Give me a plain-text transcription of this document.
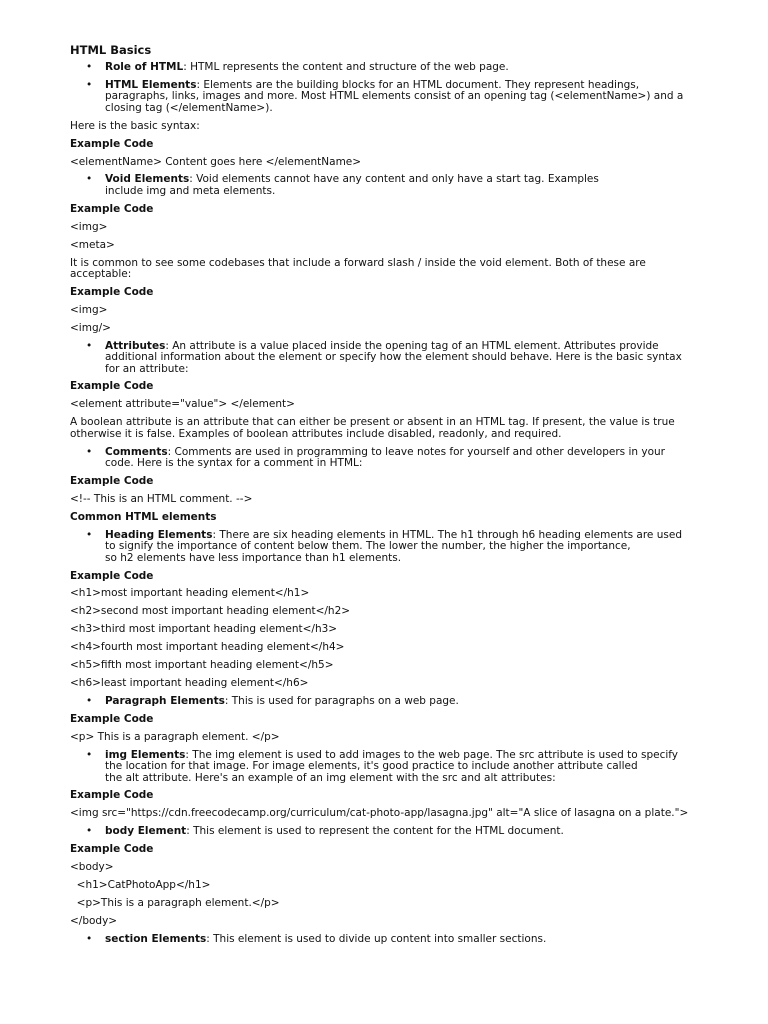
HTML Basics
• Role of HTML: HTML represents the content and structure of the web page.
• HTML Elements: Elements are the building blocks for an HTML document. They represent headings,
paragraphs, links, images and more. Most HTML elements consist of an opening tag (<elementName>) and a
closing tag (</elementName>).
Here is the basic syntax:
Example Code
<elementName> Content goes here </elementName>
• Void Elements: Void elements cannot have any content and only have a start tag. Examples
include img and meta elements.
Example Code
<img>
<meta>
It is common to see some codebases that include a forward slash / inside the void element. Both of these are
acceptable:
Example Code
<img>
<img/>
• Attributes: An attribute is a value placed inside the opening tag of an HTML element. Attributes provide
additional information about the element or specify how the element should behave. Here is the basic syntax
for an attribute:
Example Code
<element attribute="value"> </element>
A boolean attribute is an attribute that can either be present or absent in an HTML tag. If present, the value is true
otherwise it is false. Examples of boolean attributes include disabled, readonly, and required.
• Comments: Comments are used in programming to leave notes for yourself and other developers in your
code. Here is the syntax for a comment in HTML:
Example Code
<!-- This is an HTML comment. -->
Common HTML elements
• Heading Elements: There are six heading elements in HTML. The h1 through h6 heading elements are used
to signify the importance of content below them. The lower the number, the higher the importance,
so h2 elements have less importance than h1 elements.
Example Code
<h1>most important heading element</h1>
<h2>second most important heading element</h2>
<h3>third most important heading element</h3>
<h4>fourth most important heading element</h4>
<h5>fifth most important heading element</h5>
<h6>least important heading element</h6>
• Paragraph Elements: This is used for paragraphs on a web page.
Example Code
<p> This is a paragraph element. </p>
• img Elements: The img element is used to add images to the web page. The src attribute is used to specify
the location for that image. For image elements, it's good practice to include another attribute called
the alt attribute. Here's an example of an img element with the src and alt attributes:
Example Code
<img src="https://cdn.freecodecamp.org/curriculum/cat-photo-app/lasagna.jpg" alt="A slice of lasagna on a plate.">
• body Element: This element is used to represent the content for the HTML document.
Example Code
<body>
<h1>CatPhotoApp</h1>
<p>This is a paragraph element.</p>
</body>
• section Elements: This element is used to divide up content into smaller sections.
